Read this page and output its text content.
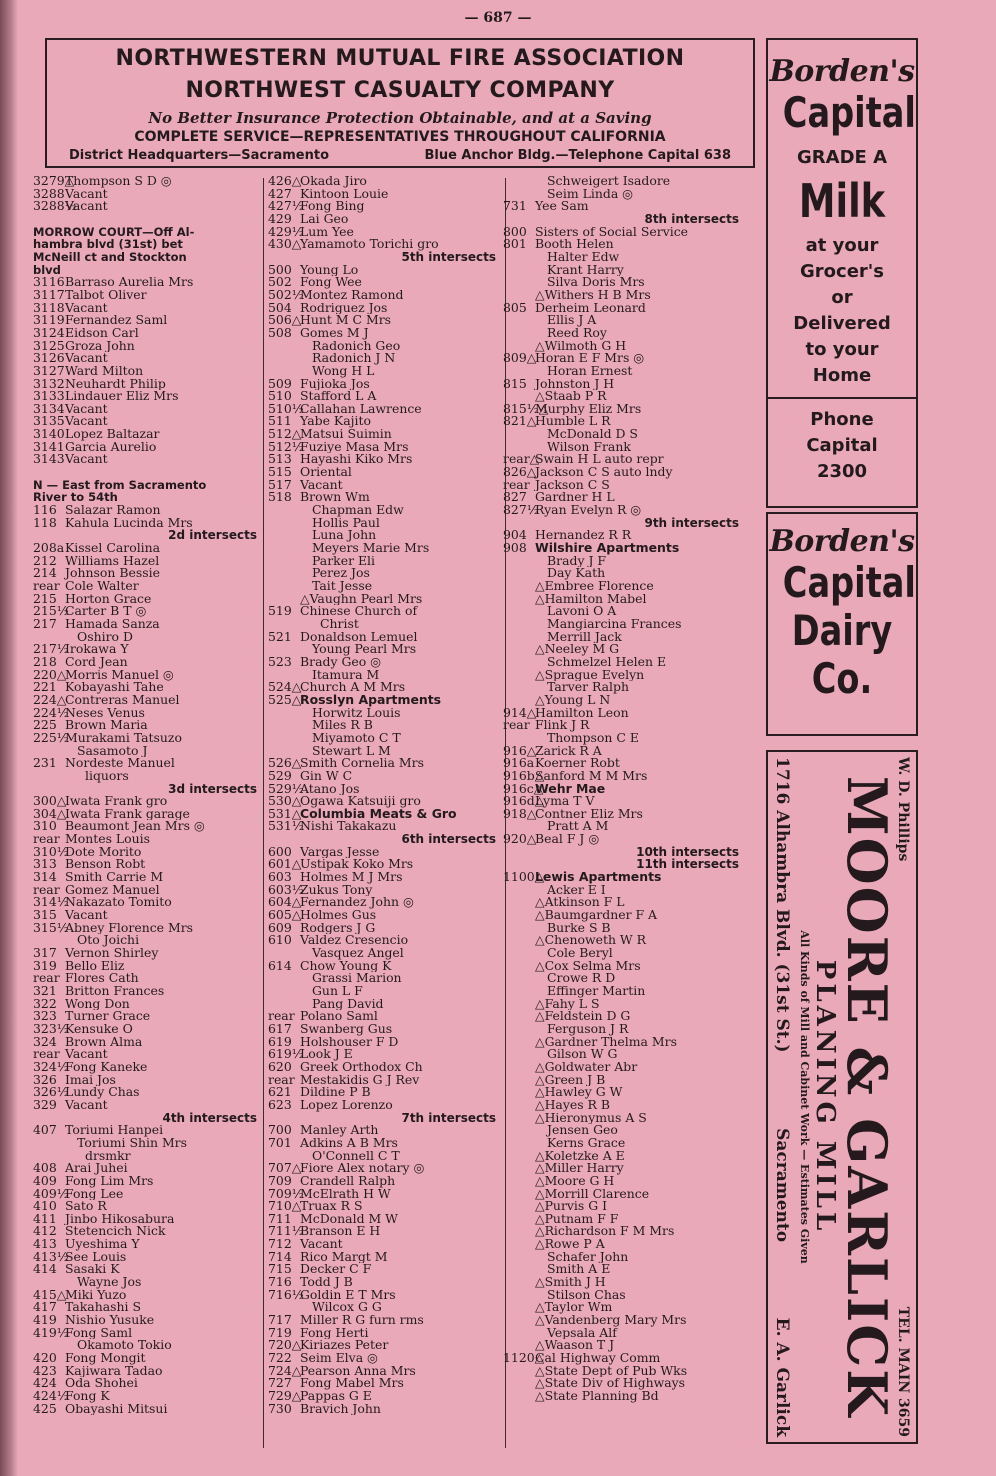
— 687 —
NORTHWESTERN MUTUAL FIRE ASSOCIATION
NORTHWEST CASUALTY COMPANY
No Better Insurance Protection Obtainable, and at a Saving
COMPLETE SERVICE—REPRESENTATIVES THROUGHOUT CALIFORNIA
District Headquarters—Sacramento	Blue Anchor Bldg.—Telephone Capital 638
3279△
Thompson S D ◎
3288 Vacant
3288½
Vacant
MORROW COURT—Off Al-
hambra blvd (31st) bet
McNeill ct and Stockton
blvd
3116 Barraso Aurelia Mrs
3117 Talbot Oliver
3118 Vacant
3119 Fernandez Saml
3124 Eidson Carl
3125 Groza John
3126 Vacant
3127 Ward Milton
3132 Neuhardt Philip
3133 Lindauer Eliz Mrs
3134 Vacant
3135 Vacant
3140 Lopez Baltazar
3141 Garcia Aurelio
3143 Vacant
N — East from Sacramento
River to 54th
116 Salazar Ramon
118 Kahula Lucinda Mrs
2d intersects
208a Kissel Carolina
212 Williams Hazel
214 Johnson Bessie
rear Cole Walter
215 Horton Grace
215½
Carter B T ◎
217 Hamada Sanza
Oshiro D
217½
Irokawa Y
218 Cord Jean
220△
Morris Manuel ◎
221 Kobayashi Tahe
224△
Contreras Manuel
224½
Neses Venus
225 Brown Maria
225½
Murakami Tatsuzo
Sasamoto J
231 Nordeste Manuel
liquors
3d intersects
300△
Iwata Frank gro
304△
Iwata Frank garage
310 Beaumont Jean Mrs ◎
rear Montes Louis
310½
Dote Morito
313 Benson Robt
314 Smith Carrie M
rear Gomez Manuel
314½
Nakazato Tomito
315 Vacant
315½
Abney Florence Mrs
Oto Joichi
317 Vernon Shirley
319 Bello Eliz
rear Flores Cath
321 Britton Frances
322 Wong Don
323 Turner Grace
323½
Kensuke O
324 Brown Alma
rear Vacant
324½
Fong Kaneke
326 Imai Jos
326½
Lundy Chas
329 Vacant
4th intersects
407 Toriumi Hanpei
Toriumi Shin Mrs
drsmkr
408 Arai Juhei
409 Fong Lim Mrs
409½
Fong Lee
410 Sato R
411 Jinbo Hikosabura
412 Stetencich Nick
413 Uyeshima Y
413½
See Louis
414 Sasaki K
Wayne Jos
415△
Miki Yuzo
417 Takahashi S
419 Nishio Yusuke
419½
Fong Saml
Okamoto Tokio
420 Fong Mongit
423 Kajiwara Tadao
424 Oda Shohei
424½
Fong K
425 Obayashi Mitsui
426△
Okada Jiro
427 Kintoon Louie
427½
Fong Bing
429 Lai Geo
429½
Lum Yee
430△
Yamamoto Torichi gro
5th intersects
500 Young Lo
502 Fong Wee
502½
Montez Ramond
504 Rodriguez Jos
506△
Hunt M C Mrs
508 Gomes M J
Radonich Geo
Radonich J N
Wong H L
509 Fujioka Jos
510 Stafford L A
510½
Callahan Lawrence
511 Yabe Kajito
512△
Matsui Suimin
512½
Fuziye Masa Mrs
513 Hayashi Kiko Mrs
515 Oriental
517 Vacant
518 Brown Wm
Chapman Edw
Hollis Paul
Luna John
Meyers Marie Mrs
Parker Eli
Perez Jos
Tait Jesse
△Vaughn Pearl Mrs
519 Chinese Church of
Christ
521 Donaldson Lemuel
Young Pearl Mrs
523 Brady Geo ◎
Itamura M
524△
Church A M Mrs
525△
Rosslyn Apartments
Horwitz Louis
Miles R B
Miyamoto C T
Stewart L M
526△
Smith Cornelia Mrs
529 Gin W C
529½
Atano Jos
530△
Ogawa Katsuiji gro
531△
Columbia Meats & Gro
531½
Nishi Takakazu
6th intersects
600 Vargas Jesse
601△
Ustipak Koko Mrs
603 Holmes M J Mrs
603½
Zukus Tony
604△
Fernandez John ◎
605△
Holmes Gus
609 Rodgers J G
610 Valdez Cresencio
Vasquez Angel
614 Chow Young K
Grassi Marion
Gun L F
Pang David
rear Polano Saml
617 Swanberg Gus
619 Holshouser F D
619½
Look J E
620 Greek Orthodox Ch
rear Mestakidis G J Rev
621 Dildine P B
623 Lopez Lorenzo
7th intersects
700 Manley Arth
701 Adkins A B Mrs
O'Connell C T
707△
Fiore Alex notary ◎
709 Crandell Ralph
709½
McElrath H W
710△
Truax R S
711 McDonald M W
711½
Branson E H
712 Vacant
714 Rico Margt M
715 Decker C F
716 Todd J B
716½
Goldin E T Mrs
Wilcox G G
717 Miller R G furn rms
719 Fong Herti
720△
Kiriazes Peter
722 Seim Elva ◎
724△
Pearson Anna Mrs
727 Fong Mabel Mrs
729△
Pappas G E
730 Bravich John
Schweigert Isadore
Seim Linda ◎
731 Yee Sam
8th intersects
800 Sisters of Social Service
801 Booth Helen
Halter Edw
Krant Harry
Silva Doris Mrs
△Withers H B Mrs
805 Derheim Leonard
Ellis J A
Reed Roy
△Wilmoth G H
809△
Horan E F Mrs ◎
Horan Ernest
815 Johnston J H
△Staab P R
815½△
Murphy Eliz Mrs
821△
Humble L R
McDonald D S
Wilson Frank
rear△
Swain H L auto repr
826△
Jackson C S auto lndy
rear Jackson C S
827 Gardner H L
827½
Ryan Evelyn R ◎
9th intersects
904 Hernandez R R
908 Wilshire Apartments
Brady J F
Day Kath
△Embree Florence
△Hamilton Mabel
Lavoni O A
Mangiarcina Frances
Merrill Jack
△Neeley M G
Schmelzel Helen E
△Sprague Evelyn
Tarver Ralph
△Young L N
914△
Hamilton Leon
rear Flink J R
Thompson C E
916△
Zarick R A
916a Koerner Robt
916b△
Sanford M M Mrs
916c△
Wehr Mae
916d△
Lyma T V
918△
Contner Eliz Mrs
Pratt A M
920△
Beal F J ◎
10th intersects
11th intersects
1100△
Lewis Apartments
Acker E I
△Atkinson F L
△Baumgardner F A
Burke S B
△Chenoweth W R
Cole Beryl
△Cox Selma Mrs
Crowe R D
Effinger Martin
△Fahy L S
△Feldstein D G
Ferguson J R
△Gardner Thelma Mrs
Gilson W G
△Goldwater Abr
△Green J B
△Hawley G W
△Hayes R B
△Hieronymus A S
Jensen Geo
Kerns Grace
△Koletzke A E
△Miller Harry
△Moore G H
△Morrill Clarence
△Purvis G I
△Putnam F F
△Richardson F M Mrs
△Rowe P A
Schafer John
Smith A E
△Smith J H
Stilson Chas
△Taylor Wm
△Vandenberg Mary Mrs
Vepsala Alf
△Waason T J
1120△
Cal Highway Comm
△State Dept of Pub Wks
△State Div of Highways
△State Planning Bd
Borden's
Capital
GRADE A
Milk
at your
Grocer's
or
Delivered
to your
Home
Phone
Capital
2300
Borden's
Capital
Dairy
Co.
W. D. Phillips
TEL. MAIN 3659
MOORE & GARLICK
PLANING MILL
All Kinds of Mill and Cabinet Work — Estimates Given
1716 Alhambra Blvd. (31st St.)
Sacramento
E. A. Garlick
